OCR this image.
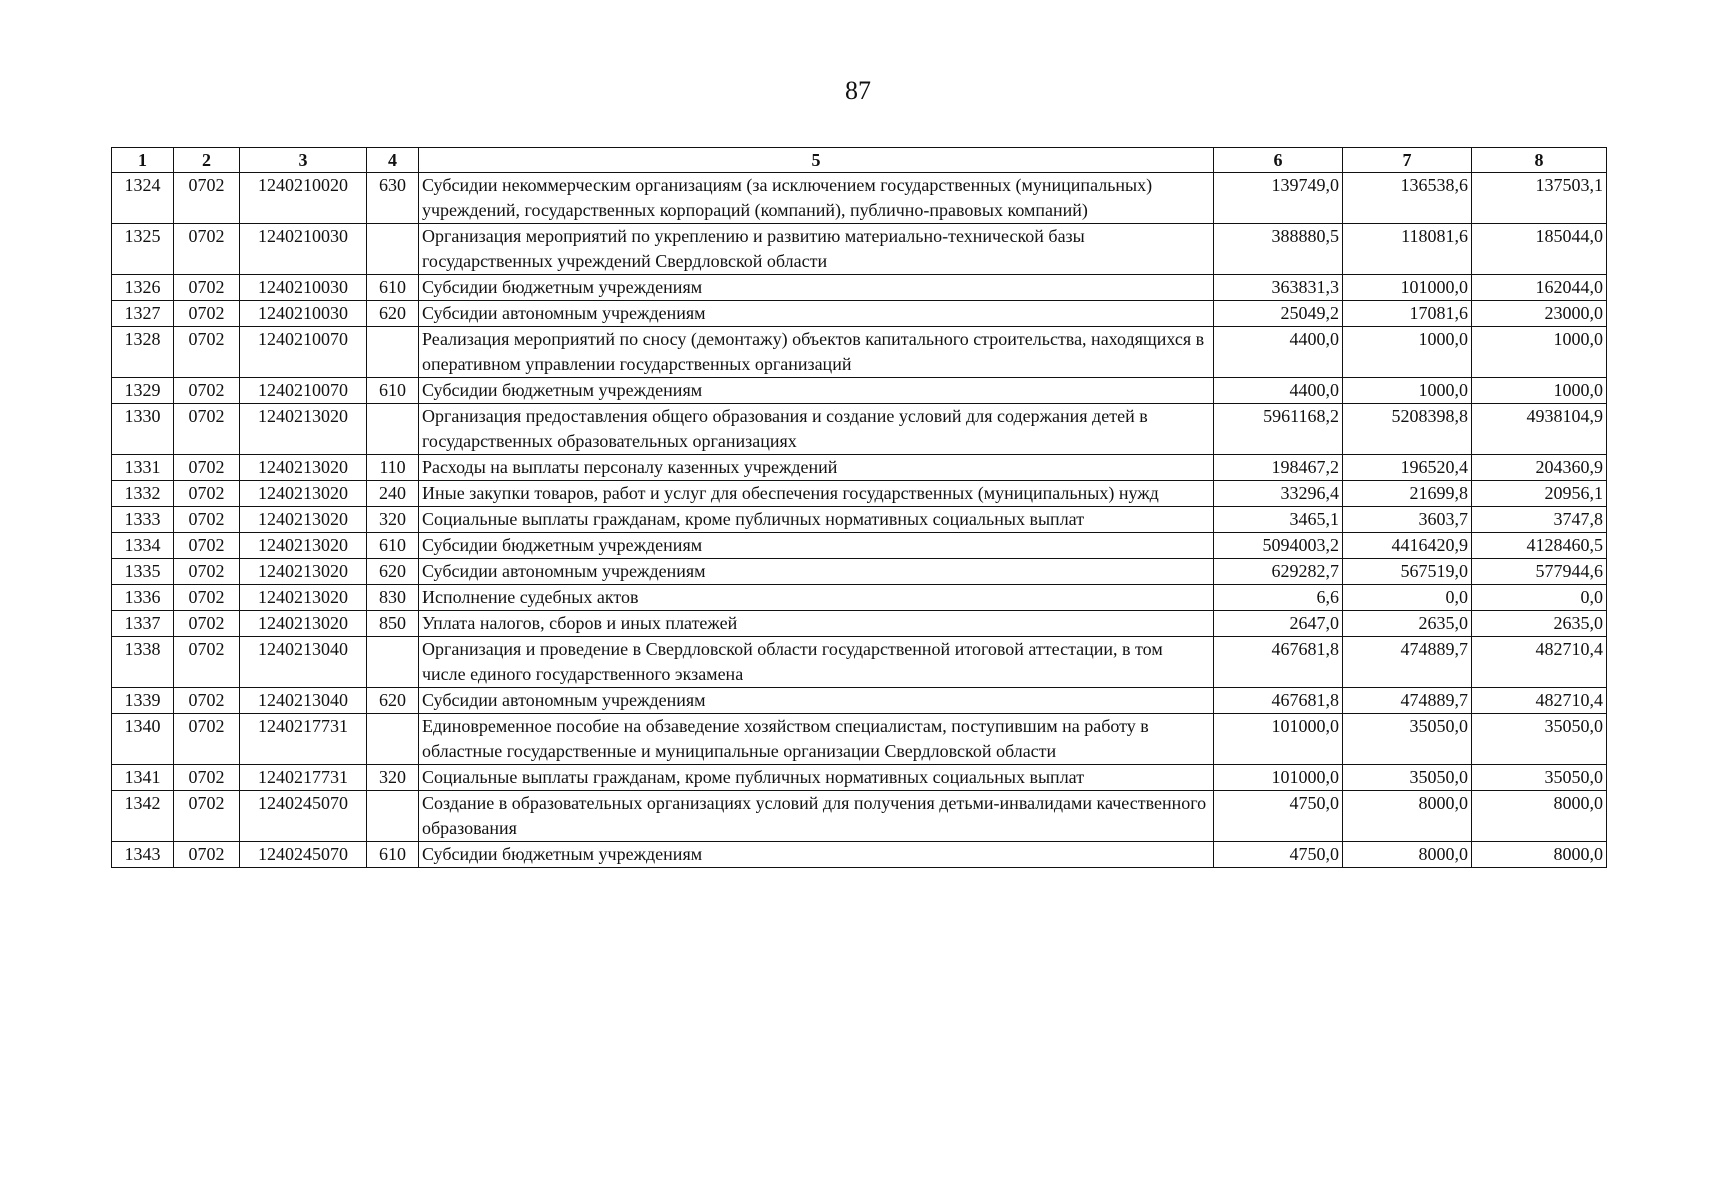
87
1	2	3	4	5	6	7	8
1324	0702	1240210020	630	Субсидии некоммерческим организациям (за исключением государственных (муниципальных) учреждений, государственных корпораций (компаний), публично-правовых компаний)	139749,0	136538,6	137503,1
1325	0702	1240210030		Организация мероприятий по укреплению и развитию материально-технической базы государственных учреждений Свердловской области	388880,5	118081,6	185044,0
1326	0702	1240210030	610	Субсидии бюджетным учреждениям	363831,3	101000,0	162044,0
1327	0702	1240210030	620	Субсидии автономным учреждениям	25049,2	17081,6	23000,0
1328	0702	1240210070		Реализация мероприятий по сносу (демонтажу) объектов капитального строительства, находящихся в оперативном управлении государственных организаций	4400,0	1000,0	1000,0
1329	0702	1240210070	610	Субсидии бюджетным учреждениям	4400,0	1000,0	1000,0
1330	0702	1240213020		Организация предоставления общего образования и создание условий для содержания детей в государственных образовательных организациях	5961168,2	5208398,8	4938104,9
1331	0702	1240213020	110	Расходы на выплаты персоналу казенных учреждений	198467,2	196520,4	204360,9
1332	0702	1240213020	240	Иные закупки товаров, работ и услуг для обеспечения государственных (муниципальных) нужд	33296,4	21699,8	20956,1
1333	0702	1240213020	320	Социальные выплаты гражданам, кроме публичных нормативных социальных выплат	3465,1	3603,7	3747,8
1334	0702	1240213020	610	Субсидии бюджетным учреждениям	5094003,2	4416420,9	4128460,5
1335	0702	1240213020	620	Субсидии автономным учреждениям	629282,7	567519,0	577944,6
1336	0702	1240213020	830	Исполнение судебных актов	6,6	0,0	0,0
1337	0702	1240213020	850	Уплата налогов, сборов и иных платежей	2647,0	2635,0	2635,0
1338	0702	1240213040		Организация и проведение в Свердловской области государственной итоговой аттестации, в том числе единого государственного экзамена	467681,8	474889,7	482710,4
1339	0702	1240213040	620	Субсидии автономным учреждениям	467681,8	474889,7	482710,4
1340	0702	1240217731		Единовременное пособие на обзаведение хозяйством специалистам, поступившим на работу в областные государственные и муниципальные организации Свердловской области	101000,0	35050,0	35050,0
1341	0702	1240217731	320	Социальные выплаты гражданам, кроме публичных нормативных социальных выплат	101000,0	35050,0	35050,0
1342	0702	1240245070		Создание в образовательных организациях условий для получения детьми-инвалидами качественного образования	4750,0	8000,0	8000,0
1343	0702	1240245070	610	Субсидии бюджетным учреждениям	4750,0	8000,0	8000,0
